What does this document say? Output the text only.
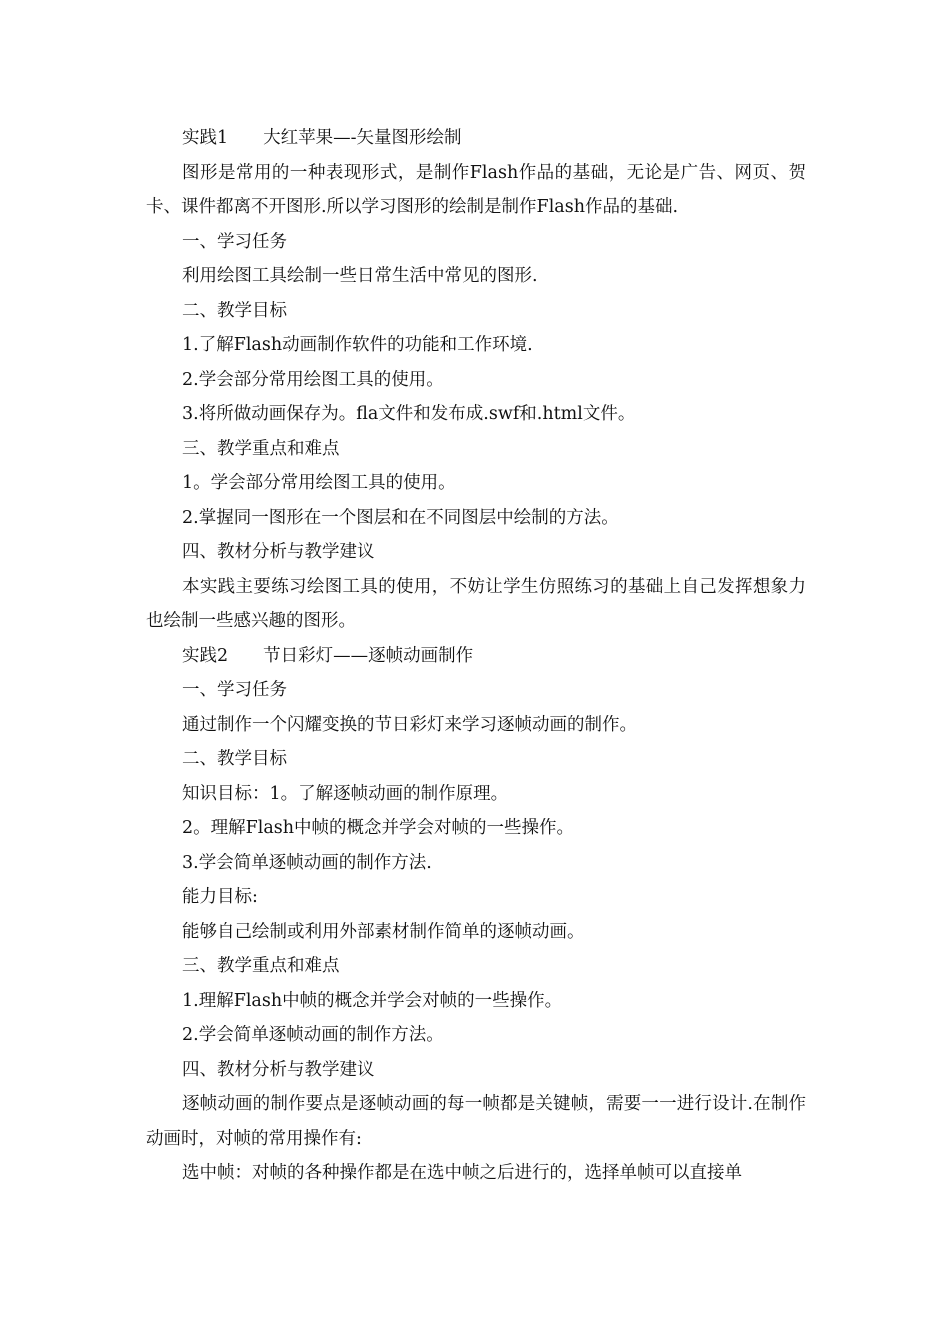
实践1　　大红苹果—-矢量图形绘制

图形是常用的一种表现形式，是制作Flash作品的基础，无论是广告、网页、贺卡、课件都离不开图形.所以学习图形的绘制是制作Flash作品的基础.

一、学习任务

利用绘图工具绘制一些日常生活中常见的图形.

二、教学目标

1.了解Flash动画制作软件的功能和工作环境.

2.学会部分常用绘图工具的使用。

3.将所做动画保存为。fla文件和发布成.swf和.html文件。

三、教学重点和难点

1。学会部分常用绘图工具的使用。

2.掌握同一图形在一个图层和在不同图层中绘制的方法。

四、教材分析与教学建议

本实践主要练习绘图工具的使用，不妨让学生仿照练习的基础上自己发挥想象力也绘制一些感兴趣的图形。

实践2　　节日彩灯——逐帧动画制作

一、学习任务

通过制作一个闪耀变换的节日彩灯来学习逐帧动画的制作。

二、教学目标

知识目标：1。了解逐帧动画的制作原理。

2。理解Flash中帧的概念并学会对帧的一些操作。

3.学会简单逐帧动画的制作方法.

能力目标:

能够自己绘制或利用外部素材制作简单的逐帧动画。

三、教学重点和难点

1.理解Flash中帧的概念并学会对帧的一些操作。

2.学会简单逐帧动画的制作方法。

四、教材分析与教学建议

逐帧动画的制作要点是逐帧动画的每一帧都是关键帧，需要一一进行设计.在制作动画时，对帧的常用操作有:

选中帧：对帧的各种操作都是在选中帧之后进行的，选择单帧可以直接单
